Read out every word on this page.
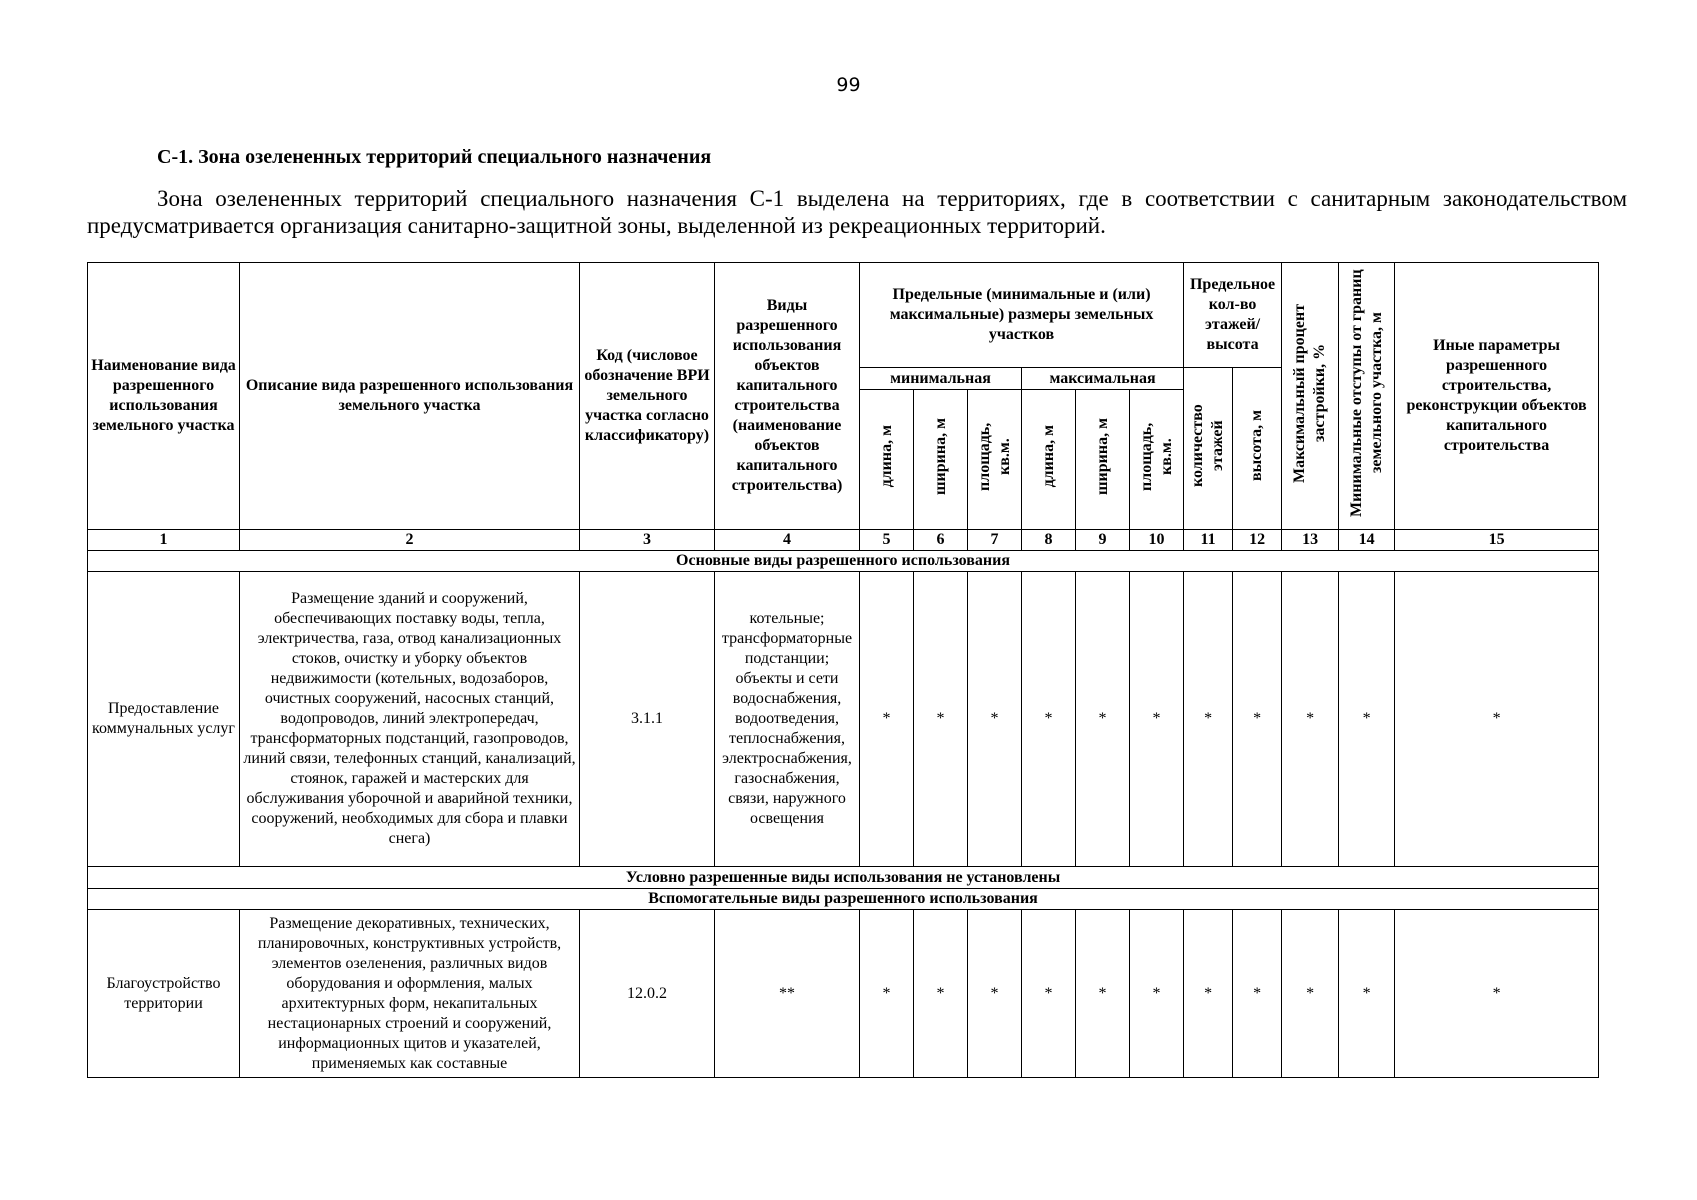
99
С-1. Зона озелененных территорий специального назначения
Зона озелененных территорий специального назначения С-1 выделена на территориях, где в соответствии с санитарным законодательством предусматривается организация санитарно-защитной зоны, выделенной из рекреационных территорий.
Наименование вида разрешенного использования земельного участка	Описание вида разрешенного использования земельного участка	Код (числовое обозначение ВРИ земельного участка согласно классификатору)	Виды разрешенного использования объектов капитального строительства (наименование объектов капитального строительства)	Предельные (минимальные и (или) максимальные) размеры земельных участков						Предельное кол-во этажей/ высота		Максимальный процент застройки, %	Минимальные отступы от границ земельного участка, м	Иные параметры разрешенного строительства, реконструкции объектов капитального строительства
				минимальная			максимальная			количество этажей	высота, м			
				длина, м	ширина, м	площадь, кв.м.	длина, м	ширина, м	площадь, кв.м.					
1	2	3	4	5	6	7	8	9	10	11	12	13	14	15
Основные виды разрешенного использования														
Предоставление коммунальных услуг	Размещение зданий и сооружений, обеспечивающих поставку воды, тепла, электричества, газа, отвод канализационных стоков, очистку и уборку объектов недвижимости (котельных, водозаборов, очистных сооружений, насосных станций, водопроводов, линий электропередач, трансформаторных подстанций, газопроводов, линий связи, телефонных станций, канализаций, стоянок, гаражей и мастерских для обслуживания уборочной и аварийной техники, сооружений, необходимых для сбора и плавки снега)	3.1.1	котельные; трансформаторные подстанции; объекты и сети водоснабжения, водоотведения, теплоснабжения, электроснабжения, газоснабжения, связи, наружного освещения	*	*	*	*	*	*	*	*	*	*	*
Условно разрешенные виды использования не установлены														
Вспомогательные виды разрешенного использования														
Благоустройство территории	Размещение декоративных, технических, планировочных, конструктивных устройств, элементов озеленения, различных видов оборудования и оформления, малых архитектурных форм, некапитальных нестационарных строений и сооружений, информационных щитов и указателей, применяемых как составные	12.0.2	**	*	*	*	*	*	*	*	*	*	*	*
